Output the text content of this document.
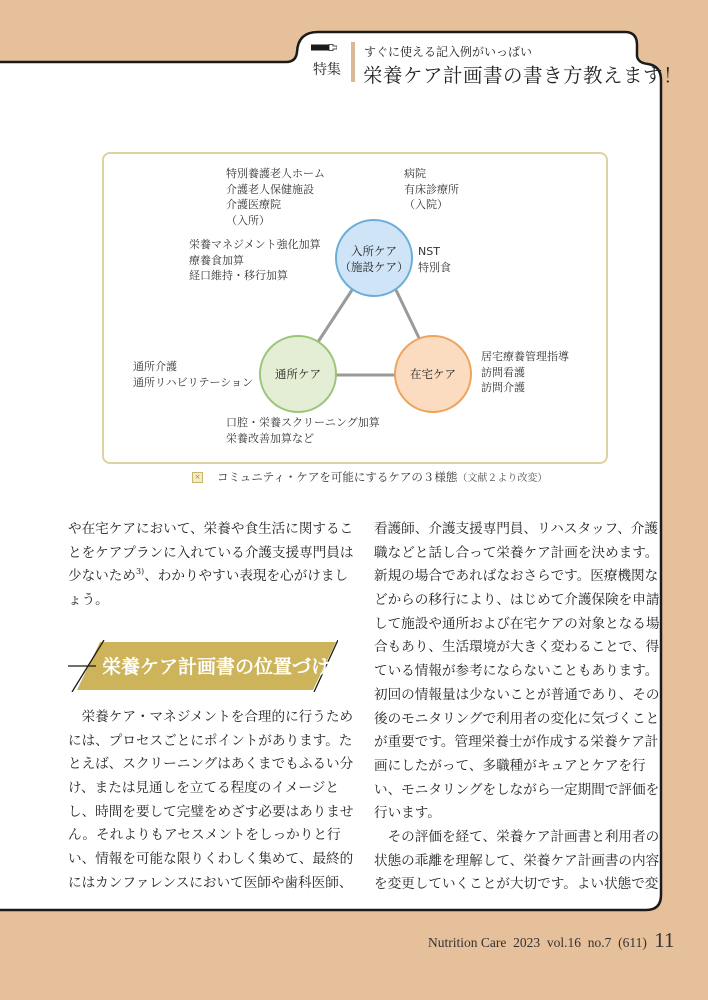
特集
すぐに使える記入例がいっぱい
栄養ケア計画書の書き方教えます！
入所ケア
（施設ケア）
通所ケア	在宅ケア
特別養護老人ホーム
介護老人保健施設
介護医療院
（入所）
病院
有床診療所
（入院）
栄養マネジメント強化加算
療養食加算
経口維持・移行加算
NST
特別食
通所介護
通所リハビリテーション
居宅療養管理指導
訪問看護
訪問介護
口腔・栄養スクリーニング加算
栄養改善加算など
× コミュニティ・ケアを可能にするケアの３様態（文献２より改変）
や在宅ケアにおいて、栄養や食生活に関するこ
とをケアプランに入れている介護支援専門員は
少ないため$^{3)}$、わかりやすい表現を心がけまし
ょう。
栄養ケア計画書の位置づけ
　栄養ケア・マネジメントを合理的に行うため
には、プロセスごとにポイントがあります。た
とえば、スクリーニングはあくまでもふるい分
け、または見通しを立てる程度のイメージと
し、時間を要して完璧をめざす必要はありませ
ん。それよりもアセスメントをしっかりと行
い、情報を可能な限りくわしく集めて、最終的
にはカンファレンスにおいて医師や歯科医師、
看護師、介護支援専門員、リハスタッフ、介護
職などと話し合って栄養ケア計画を決めます。
新規の場合であればなおさらです。医療機関な
どからの移行により、はじめて介護保険を申請
して施設や通所および在宅ケアの対象となる場
合もあり、生活環境が大きく変わることで、得
ている情報が参考にならないこともあります。
初回の情報量は少ないことが普通であり、その
後のモニタリングで利用者の変化に気づくこと
が重要です。管理栄養士が作成する栄養ケア計
画にしたがって、多職種がキュアとケアを行
い、モニタリングをしながら一定期間で評価を
行います。
　その評価を経て、栄養ケア計画書と利用者の
状態の乖離を理解して、栄養ケア計画書の内容
を変更していくことが大切です。よい状態で変
Nutrition Care 2023 vol.16 no.7 (611) 11
